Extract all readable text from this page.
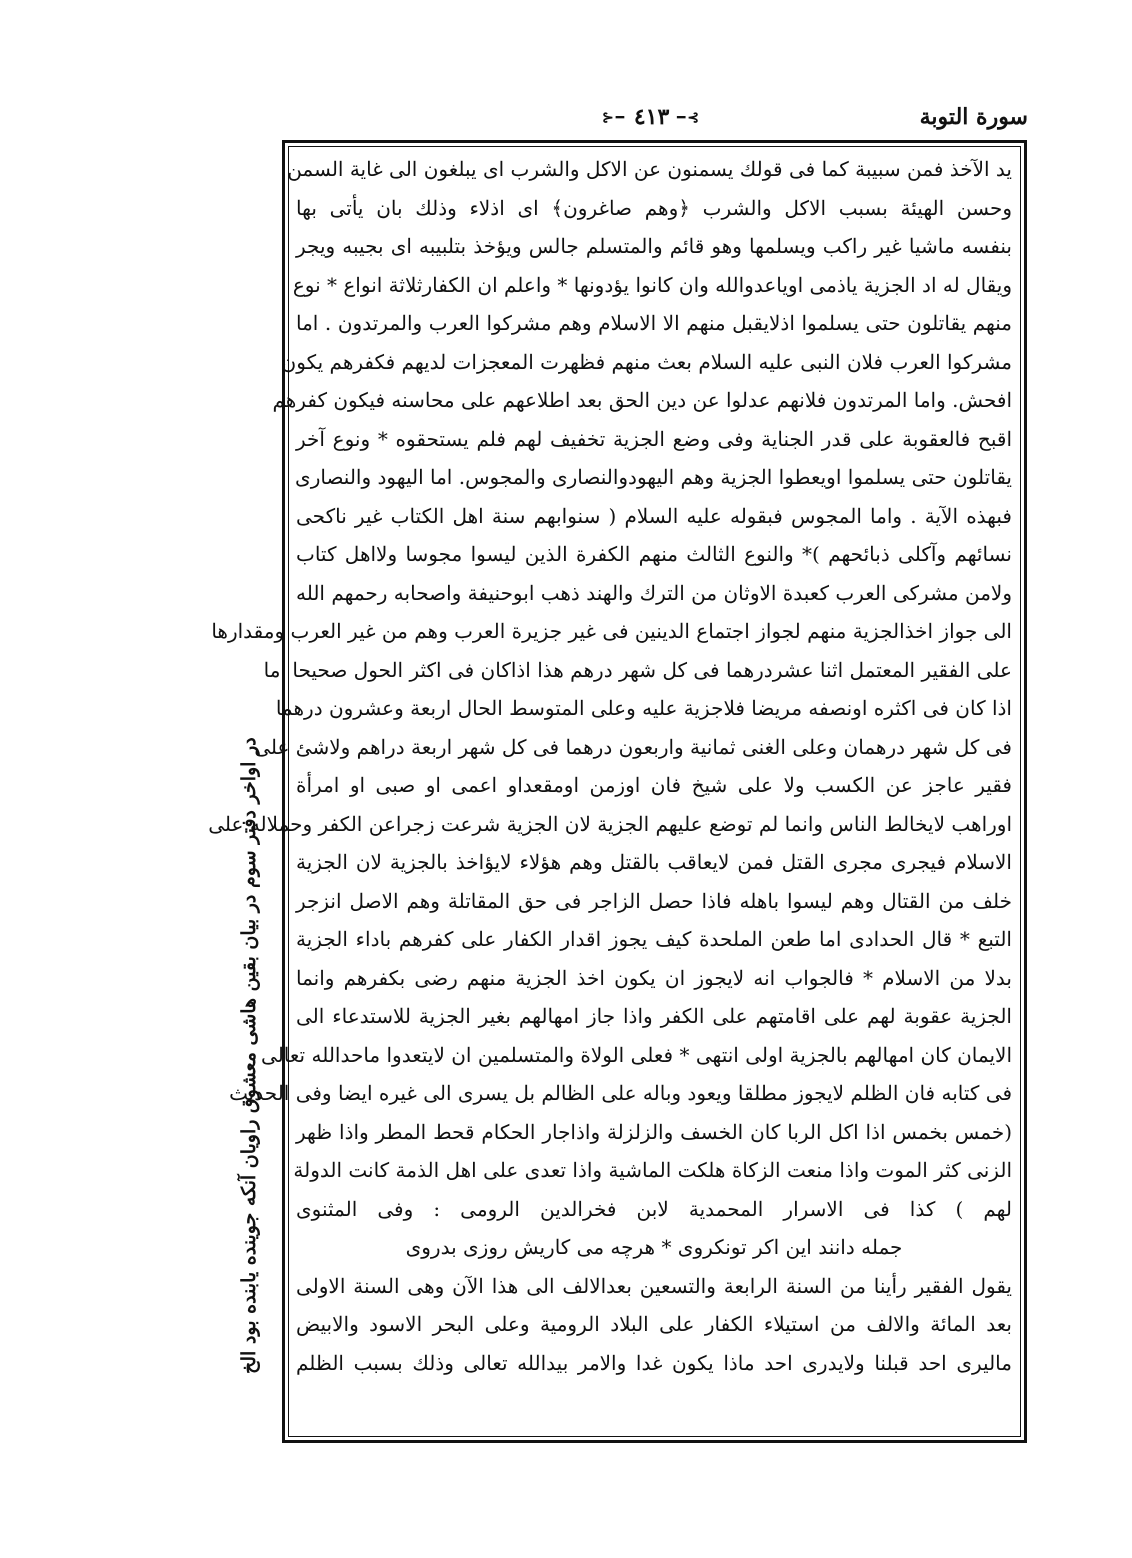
سورة التوبة
⊱━ ٤١٣ ━⊰
يد الآخذ فمن سبيبة كما فى قولك يسمنون عن الاكل والشرب اى يبلغون الى غاية السمن
وحسن الهيئة بسبب الاكل والشرب ﴿وهم صاغرون﴾ اى اذلاء وذلك بان يأتى بها
بنفسه ماشيا غير راكب ويسلمها وهو قائم والمتسلم جالس ويؤخذ بتلبيبه اى بجيبه ويجر
ويقال له اد الجزية ياذمى اوياعدوالله وان كانوا يؤدونها * واعلم ان الكفارثلاثة انواع * نوع
منهم يقاتلون حتى يسلموا اذلايقبل منهم الا الاسلام وهم مشركوا العرب والمرتدون . اما
مشركوا العرب فلان النبى عليه السلام بعث منهم فظهرت المعجزات لديهم فكفرهم يكون
افحش. واما المرتدون فلانهم عدلوا عن دين الحق بعد اطلاعهم على محاسنه فيكون كفرهم
اقبح فالعقوبة على قدر الجناية وفى وضع الجزية تخفيف لهم فلم يستحقوه * ونوع آخر
يقاتلون حتى يسلموا اويعطوا الجزية وهم اليهودوالنصارى والمجوس. اما اليهود والنصارى
فبهذه الآية . واما المجوس فبقوله عليه السلام ( سنوابهم سنة اهل الكتاب غير ناكحى
نسائهم وآكلى ذبائحهم )* والنوع الثالث منهم الكفرة الذين ليسوا مجوسا ولااهل كتاب
ولامن مشركى العرب كعبدة الاوثان من الترك والهند ذهب ابوحنيفة واصحابه رحمهم الله
الى جواز اخذالجزية منهم لجواز اجتماع الدينين فى غير جزيرة العرب وهم من غير العرب ومقدارها
على الفقير المعتمل اثنا عشردرهما فى كل شهر درهم هذا اذاكان فى اكثر الحول صحيحا اما
اذا كان فى اكثره اونصفه مريضا فلاجزية عليه وعلى المتوسط الحال اربعة وعشرون درهما
فى كل شهر درهمان وعلى الغنى ثمانية واربعون درهما فى كل شهر اربعة دراهم ولاشئ على
فقير عاجز عن الكسب ولا على شيخ فان اوزمن اومقعداو اعمى او صبى او امرأة
اوراهب لايخالط الناس وانما لم توضع عليهم الجزية لان الجزية شرعت زجراعن الكفر وحملاله على
الاسلام فيجرى مجرى القتل فمن لايعاقب بالقتل وهم هؤلاء لايؤاخذ بالجزية لان الجزية
خلف من القتال وهم ليسوا باهله فاذا حصل الزاجر فى حق المقاتلة وهم الاصل انزجر
التبع * قال الحدادى اما طعن الملحدة كيف يجوز اقدار الكفار على كفرهم باداء الجزية
بدلا من الاسلام * فالجواب انه لايجوز ان يكون اخذ الجزية منهم رضى بكفرهم وانما
الجزية عقوبة لهم على اقامتهم على الكفر واذا جاز امهالهم بغير الجزية للاستدعاء الى
الايمان كان امهالهم بالجزية اولى انتهى * فعلى الولاة والمتسلمين ان لايتعدوا ماحدالله تعالى
فى كتابه فان الظلم لايجوز مطلقا ويعود وباله على الظالم بل يسرى الى غيره ايضا وفى الحديث
(خمس بخمس اذا اكل الربا كان الخسف والزلزلة واذاجار الحكام قحط المطر واذا ظهر
الزنى كثر الموت واذا منعت الزكاة هلكت الماشية واذا تعدى على اهل الذمة كانت الدولة
لهم ) كذا فى الاسرار المحمدية لابن فخرالدين الرومى : وفى المثنوى
جمله دانند اين اكر تونكروى * هرچه مى كاريش روزى بدروى
يقول الفقير رأينا من السنة الرابعة والتسعين بعدالالف الى هذا الآن وهى السنة الاولى
بعد المائة والالف من استيلاء الكفار على البلاد الرومية وعلى البحر الاسود والابيض
ماليرى احد قبلنا ولايدرى احد ماذا يكون غدا والامر بيدالله تعالى وذلك بسبب الظلم
در اواخر دفتر سوم در بيان بقين هاشى معشوق راويان آنكه جوينده يابنده بود الخ
